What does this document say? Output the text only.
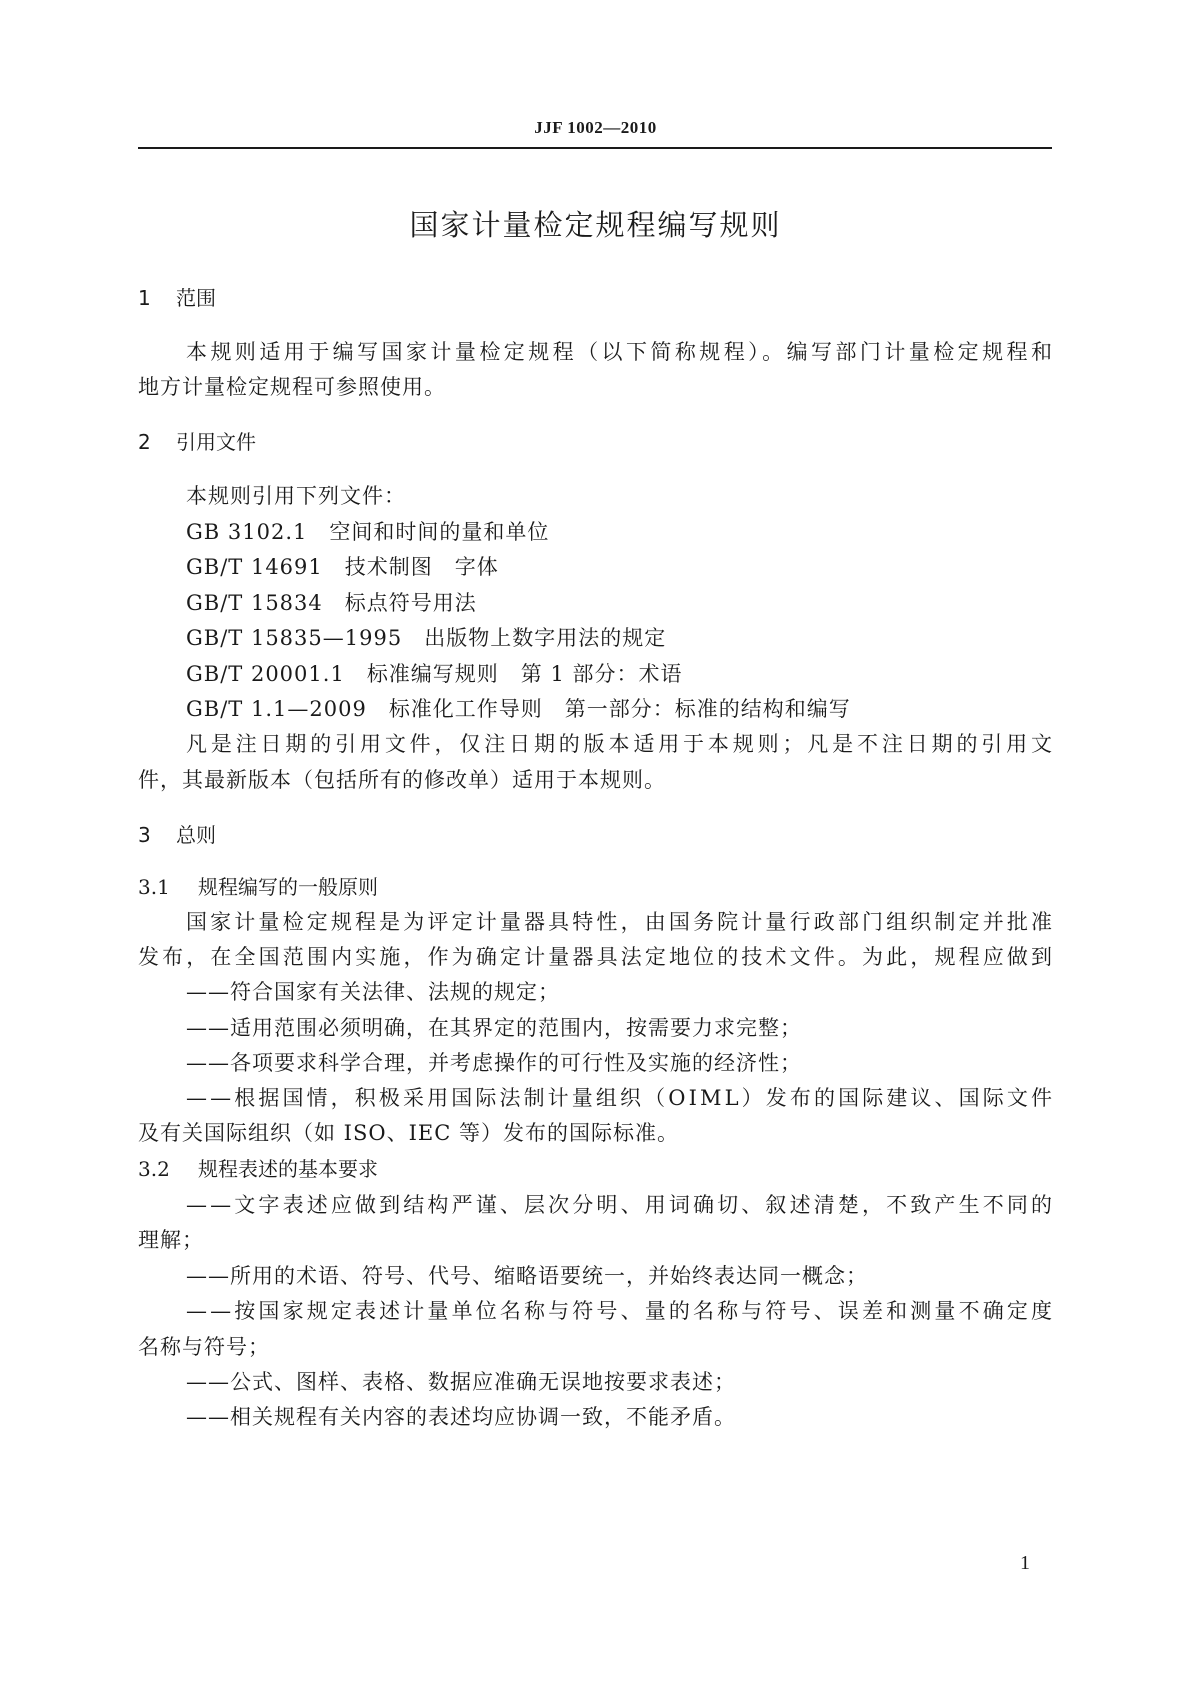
JJF 1002—2010
国家计量检定规程编写规则
1 范围
本规则适用于编写国家计量检定规程（以下简称规程）。编写部门计量检定规程和
地方计量检定规程可参照使用。
2 引用文件
本规则引用下列文件：
GB 3102.1　 空间和时间的量和单位
GB/T 14691　 技术制图　字体
GB/T 15834　 标点符号用法
GB/T 15835—1995　 出版物上数字用法的规定
GB/T 20001.1　 标准编写规则　第 1 部分：术语
GB/T 1.1—2009　 标准化工作导则　第一部分：标准的结构和编写
凡是注日期的引用文件，仅注日期的版本适用于本规则；凡是不注日期的引用文
件，其最新版本（包括所有的修改单）适用于本规则。
3 总则
3.1 规程编写的一般原则
国家计量检定规程是为评定计量器具特性，由国务院计量行政部门组织制定并批准
发布，在全国范围内实施，作为确定计量器具法定地位的技术文件。为此，规程应做到
——符合国家有关法律、法规的规定；
——适用范围必须明确，在其界定的范围内，按需要力求完整；
——各项要求科学合理，并考虑操作的可行性及实施的经济性；
——根据国情，积极采用国际法制计量组织（OIML）发布的国际建议、国际文件
及有关国际组织（如 ISO、IEC 等）发布的国际标准。
3.2 规程表述的基本要求
——文字表述应做到结构严谨、层次分明、用词确切、叙述清楚，不致产生不同的
理解；
——所用的术语、符号、代号、缩略语要统一，并始终表达同一概念；
——按国家规定表述计量单位名称与符号、量的名称与符号、误差和测量不确定度
名称与符号；
——公式、图样、表格、数据应准确无误地按要求表述；
——相关规程有关内容的表述均应协调一致，不能矛盾。
1
